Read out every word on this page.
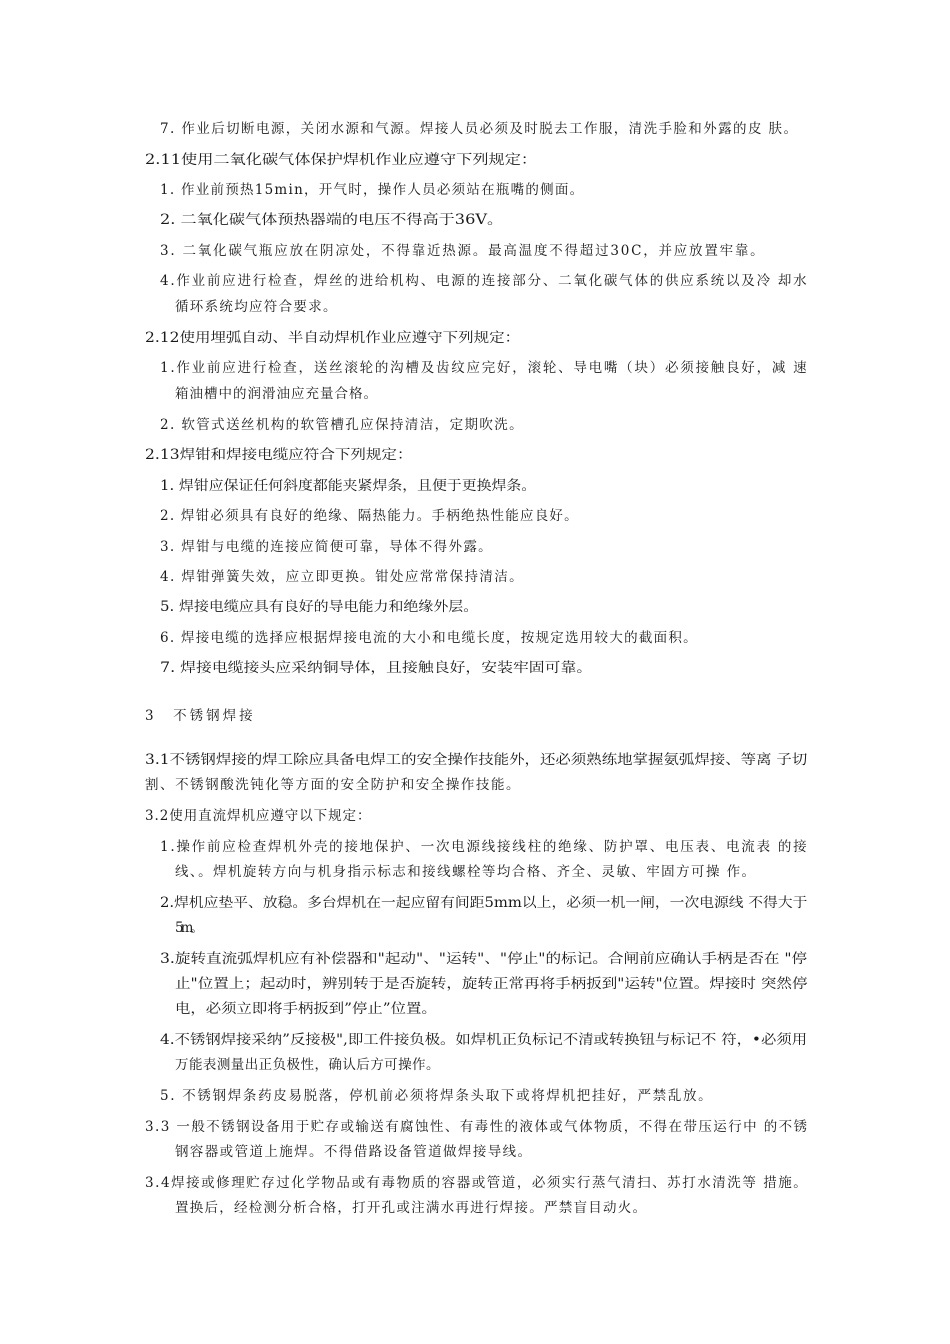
7. 作业后切断电源，关闭水源和气源。焊接人员必须及时脱去工作服，清洗手脸和外露的皮 肤。
2.11使用二氧化碳气体保护焊机作业应遵守下列规定：
1. 作业前预热15min，开气时，操作人员必须站在瓶嘴的侧面。
2. 二氧化碳气体预热器端的电压不得高于36V。
3. 二氧化碳气瓶应放在阴凉处，不得靠近热源。最高温度不得超过30C，并应放置牢靠。
4.作业前应进行检查，焊丝的进给机构、电源的连接部分、二氧化碳气体的供应系统以及冷 却水
循环系统均应符合要求。
2.12使用埋弧自动、半自动焊机作业应遵守下列规定：
1.作业前应进行检查，送丝滚轮的沟槽及齿纹应完好，滚轮、导电嘴（块）必须接触良好，减 速
箱油槽中的润滑油应充量合格。
2. 软管式送丝机构的软管槽孔应保持清洁，定期吹洗。
2.13焊钳和焊接电缆应符合下列规定：
1. 焊钳应保证任何斜度都能夹紧焊条，且便于更换焊条。
2. 焊钳必须具有良好的绝缘、隔热能力。手柄绝热性能应良好。
3. 焊钳与电缆的连接应简便可靠，导体不得外露。
4. 焊钳弹簧失效，应立即更换。钳处应常常保持清洁。
5. 焊接电缆应具有良好的导电能力和绝缘外层。
6. 焊接电缆的选择应根据焊接电流的大小和电缆长度，按规定选用较大的截面积。
7. 焊接电缆接头应采纳铜导体，且接触良好，安装牢固可靠。
3　不锈钢焊接
3.1不锈钢焊接的焊工除应具备电焊工的安全操作技能外，还必须熟练地掌握氨弧焊接、等离 子切
割、不锈钢酸洗钝化等方面的安全防护和安全操作技能。
3.2使用直流焊机应遵守以下规定：
1.操作前应检查焊机外壳的接地保护、一次电源线接线柱的绝缘、防护罩、电压表、电流表 的接
线、。焊机旋转方向与机身指示标志和接线螺栓等均合格、齐全、灵敏、牢固方可操 作。
2.焊机应垫平、放稳。多台焊机在一起应留有间距5mm以上，必须一机一闸，一次电源线 不得大于
5m。
3.旋转直流弧焊机应有补偿器和"起动"、"运转"、"停止"的标记。合闸前应确认手柄是否在 "停
止"位置上；起动时，辨别转于是否旋转，旋转正常再将手柄扳到"运转"位置。焊接时 突然停
电，必须立即将手柄扳到”停止”位置。
4.不锈钢焊接采纳”反接极",即工件接负极。如焊机正负标记不清或转换钮与标记不 符，•必须用
万能表测量出正负极性，确认后方可操作。
5. 不锈钢焊条药皮易脱落，停机前必须将焊条头取下或将焊机把挂好，严禁乱放。
3.3 一般不锈钢设备用于贮存或输送有腐蚀性、有毒性的液体或气体物质，不得在带压运行中 的不锈
钢容器或管道上施焊。不得借路设备管道做焊接导线。
3.4焊接或修理贮存过化学物品或有毒物质的容器或管道，必须实行蒸气清扫、苏打水清洗等 措施。
置换后，经检测分析合格，打开孔或注满水再进行焊接。严禁盲目动火。
